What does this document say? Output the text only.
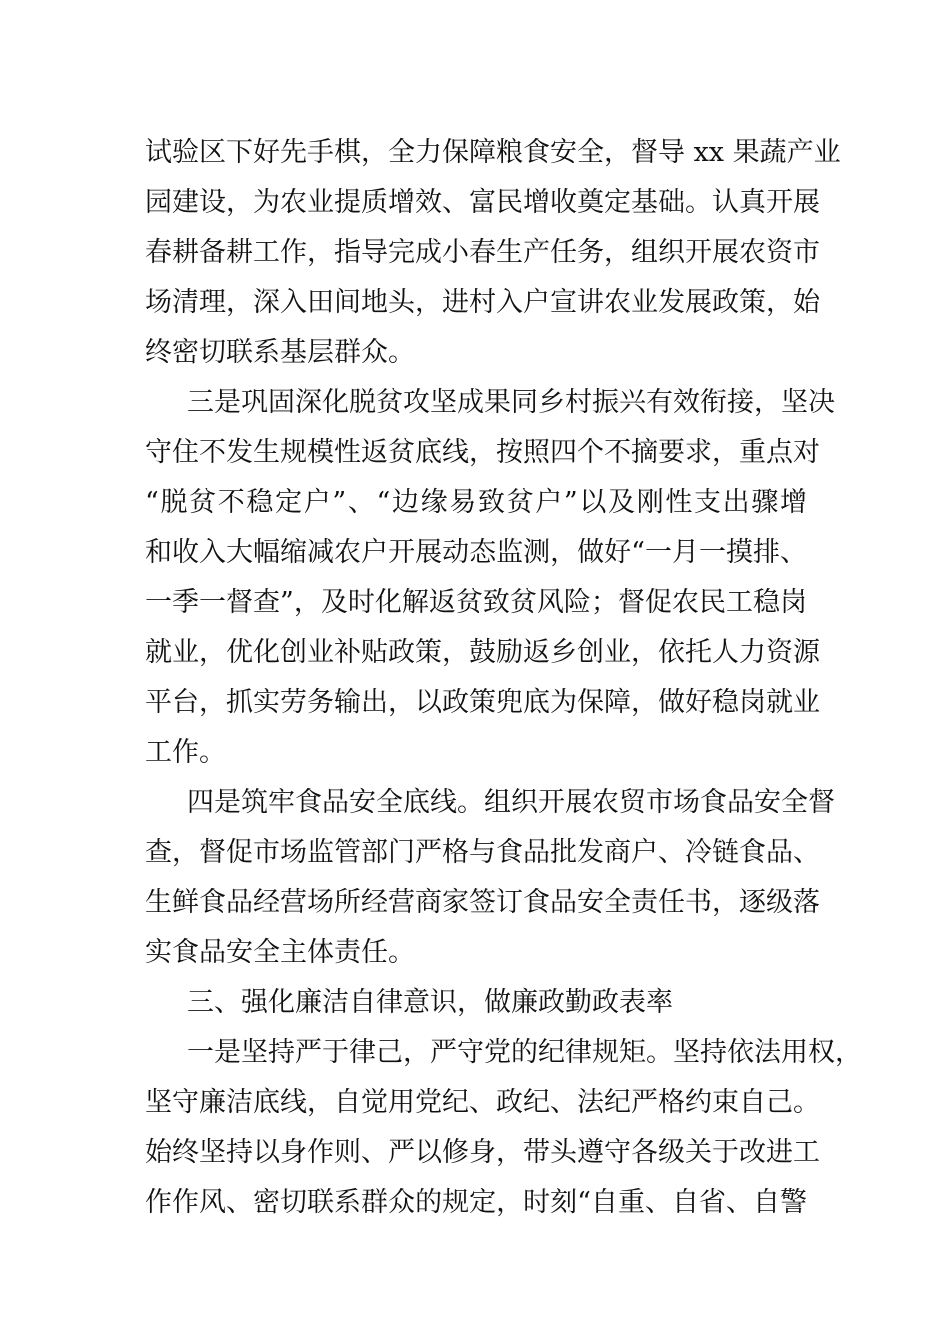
试验区下好先手棋，全力保障粮食安全，督导 xx 果蔬产业
园建设，为农业提质增效、富民增收奠定基础。认真开展
春耕备耕工作，指导完成小春生产任务，组织开展农资市
场清理，深入田间地头，进村入户宣讲农业发展政策，始
终密切联系基层群众。
三是巩固深化脱贫攻坚成果同乡村振兴有效衔接，坚决
守住不发生规模性返贫底线，按照四个不摘要求，重点对
“脱贫不稳定户”、“边缘易致贫户”以及刚性支出骤增
和收入大幅缩减农户开展动态监测，做好“一月一摸排、
一季一督查”，及时化解返贫致贫风险；督促农民工稳岗
就业，优化创业补贴政策，鼓励返乡创业，依托人力资源
平台，抓实劳务输出，以政策兜底为保障，做好稳岗就业
工作。
四是筑牢食品安全底线。组织开展农贸市场食品安全督
查，督促市场监管部门严格与食品批发商户、冷链食品、
生鲜食品经营场所经营商家签订食品安全责任书，逐级落
实食品安全主体责任。
三、强化廉洁自律意识，做廉政勤政表率
一是坚持严于律己，严守党的纪律规矩。坚持依法用权，
坚守廉洁底线，自觉用党纪、政纪、法纪严格约束自己。
始终坚持以身作则、严以修身，带头遵守各级关于改进工
作作风、密切联系群众的规定，时刻“自重、自省、自警
